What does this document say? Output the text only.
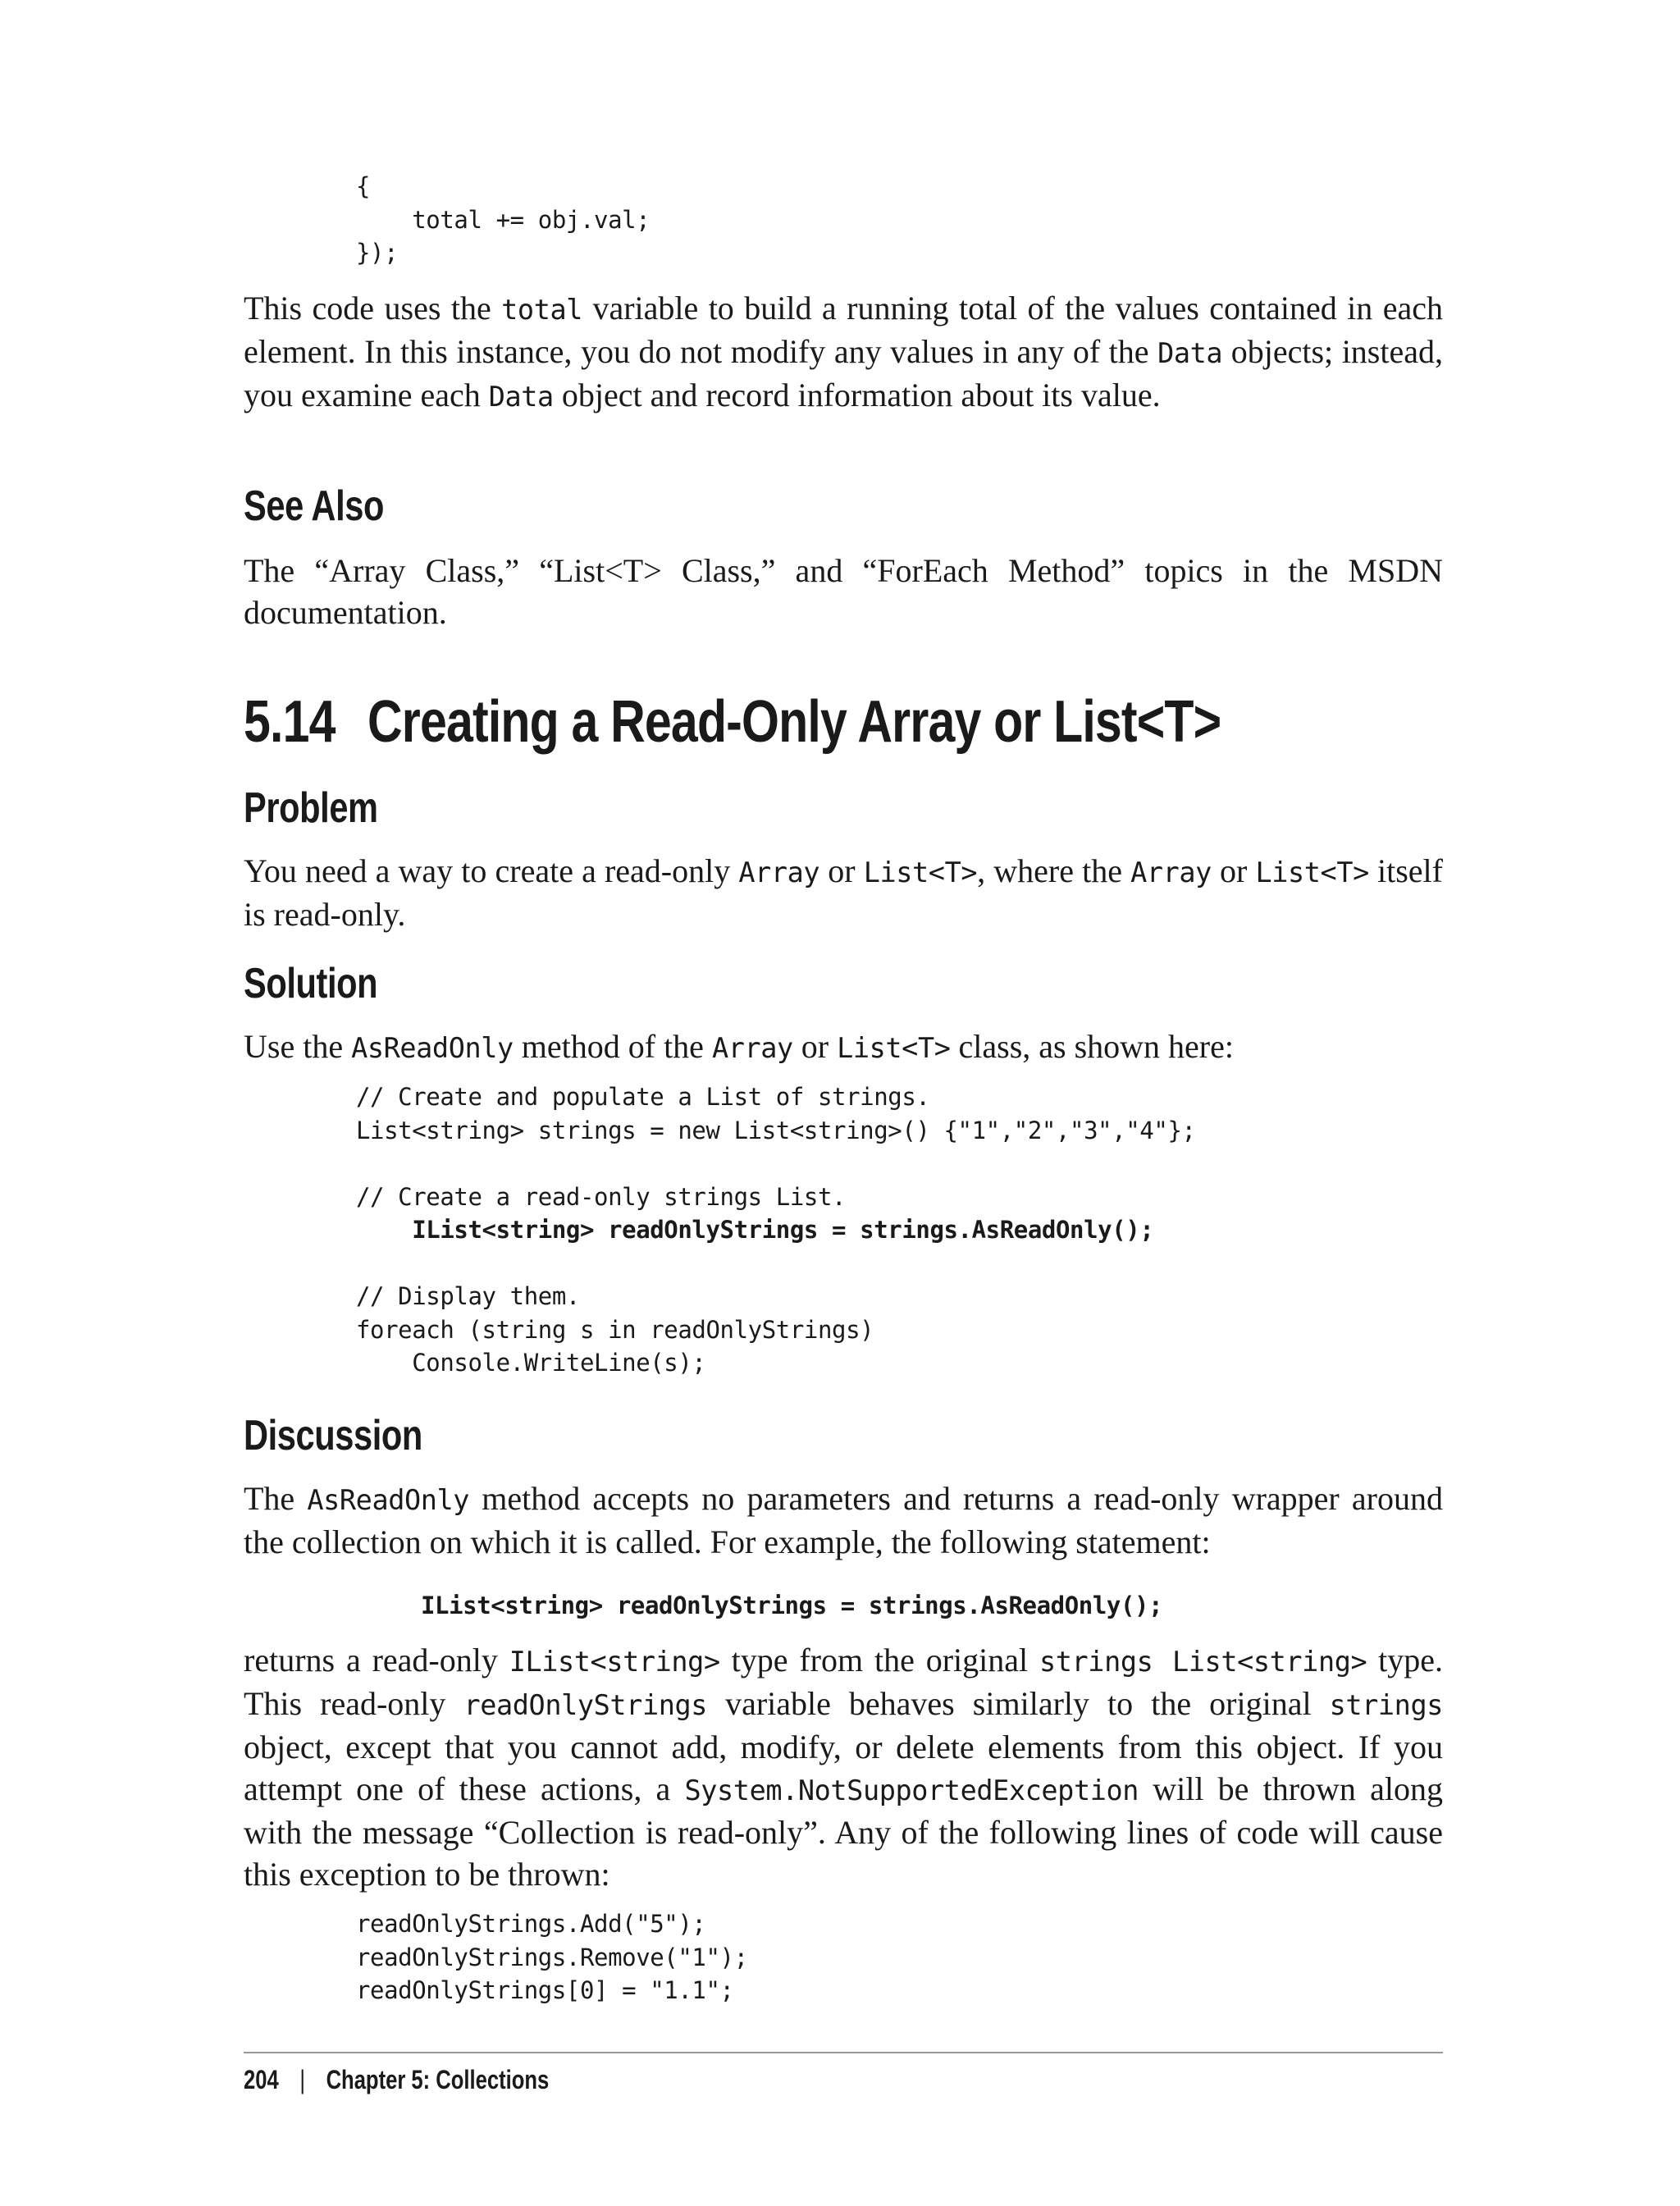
{
total += obj.val;
});

This code uses the total variable to build a running total of the values contained in each element. In this instance, you do not modify any values in any of the Data objects; instead, you examine each Data object and record information about its value.

See Also

The “Array Class,” “List<T> Class,” and “ForEach Method” topics in the MSDN documentation.

5.14 Creating a Read-Only Array or List<T>
Problem

You need a way to create a read-only Array or List<T>, where the Array or List<T> itself is read-only.

Solution

Use the AsReadOnly method of the Array or List<T> class, as shown here:

// Create and populate a List of strings.
List<string> strings = new List<string>() {"1","2","3","4"};

// Create a read-only strings List.
IList<string> readOnlyStrings = strings.AsReadOnly();

// Display them.
foreach (string s in readOnlyStrings)
Console.WriteLine(s);
Discussion

The AsReadOnly method accepts no parameters and returns a read-only wrapper around the collection on which it is called. For example, the following statement:

IList<string> readOnlyStrings = strings.AsReadOnly();

returns a read-only IList<string> type from the original strings List<string> type. This read-only readOnlyStrings variable behaves similarly to the original strings object, except that you cannot add, modify, or delete elements from this object. If you attempt one of these actions, a System.NotSupportedException will be thrown along with the message “Collection is read-only”. Any of the following lines of code will cause this exception to be thrown:

readOnlyStrings.Add("5");
readOnlyStrings.Remove("1");
readOnlyStrings[0] = "1.1";

204 | Chapter 5: Collections
